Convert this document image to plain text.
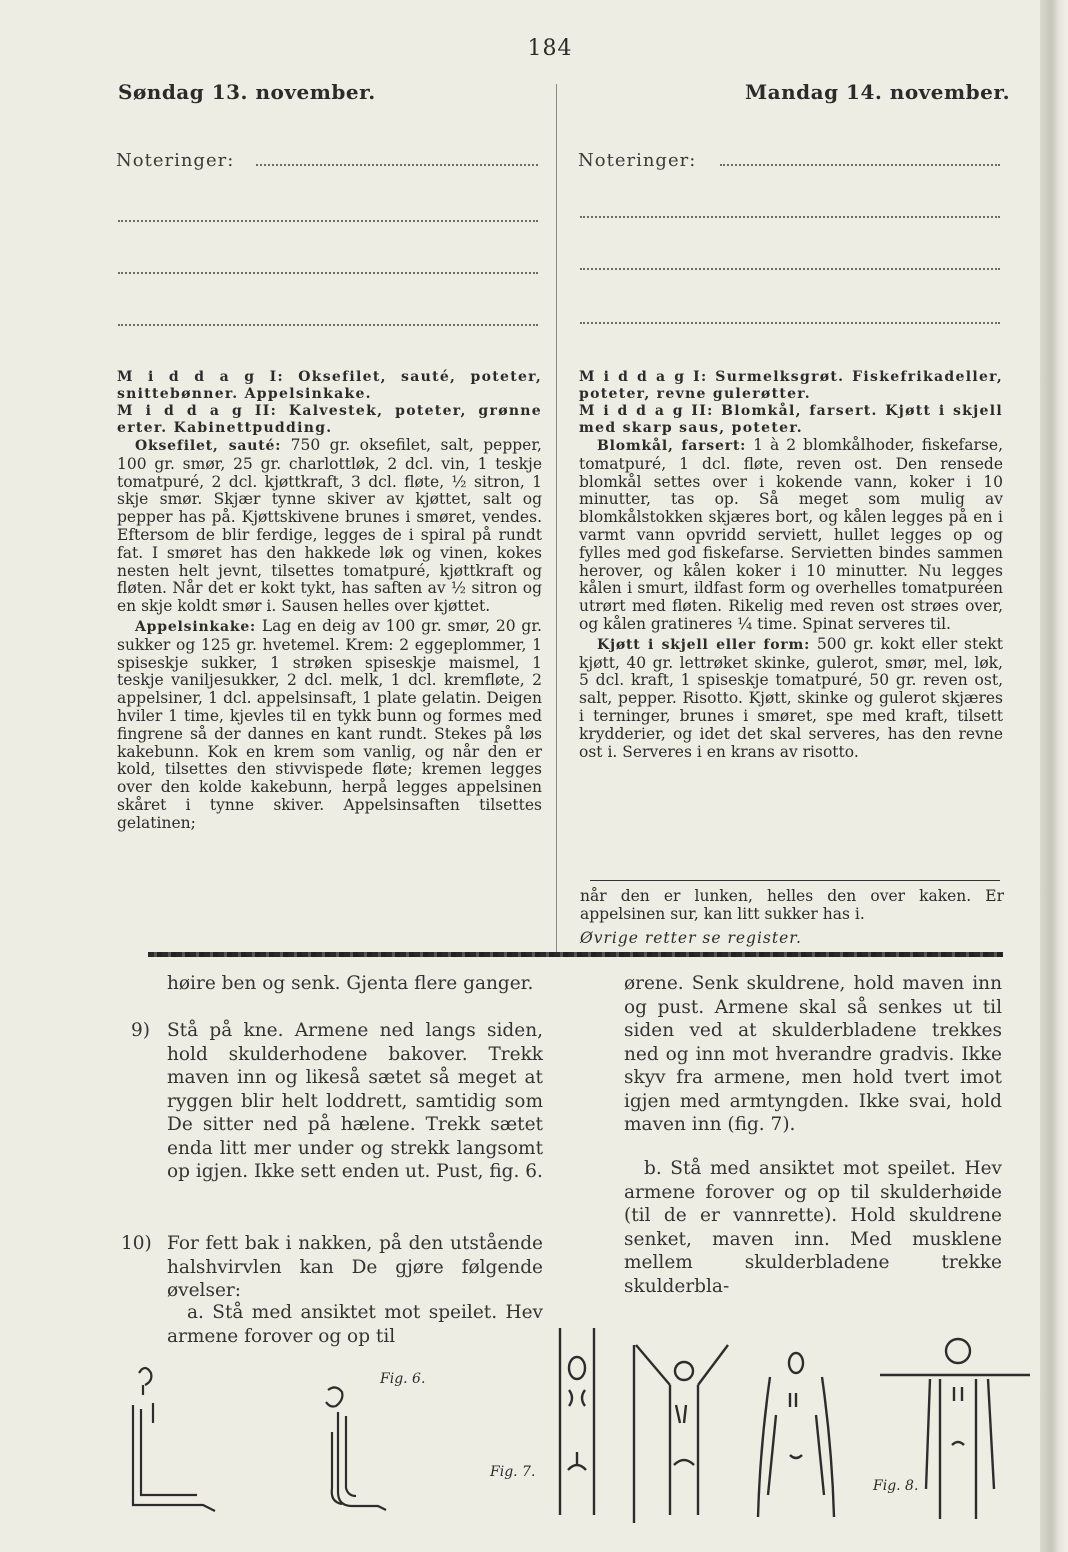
184
Søndag 13. november.	Mandag 14. november.
Noteringer:	Noteringer:

M i d d a g I: Oksefilet, sauté, poteter, snittebønner. Appelsinkake.

M i d d a g II: Kalvestek, poteter, grønne erter. Kabinettpudding.

Oksefilet, sauté: 750 gr. oksefilet, salt, pepper, 100 gr. smør, 25 gr. charlottløk, 2 dcl. vin, 1 teskje tomatpuré, 2 dcl. kjøttkraft, 3 dcl. fløte, ½ sitron, 1 skje smør. Skjær tynne skiver av kjøttet, salt og pepper has på. Kjøttskivene brunes i smøret, vendes. Eftersom de blir ferdige, legges de i spiral på rundt fat. I smøret has den hakkede løk og vinen, kokes nesten helt jevnt, tilsettes tomatpuré, kjøttkraft og fløten. Når det er kokt tykt, has saften av ½ sitron og en skje koldt smør i. Sausen helles over kjøttet.

Appelsinkake: Lag en deig av 100 gr. smør, 20 gr. sukker og 125 gr. hvetemel. Krem: 2 eggeplommer, 1 spiseskje sukker, 1 strøken spiseskje maismel, 1 teskje vaniljesukker, 2 dcl. melk, 1 dcl. kremfløte, 2 appelsiner, 1 dcl. appelsinsaft, 1 plate gelatin. Deigen hviler 1 time, kjevles til en tykk bunn og formes med fingrene så der dannes en kant rundt. Stekes på løs kakebunn. Kok en krem som vanlig, og når den er kold, tilsettes den stivvispede fløte; kremen legges over den kolde kakebunn, herpå legges appelsinen skåret i tynne skiver. Appelsinsaften tilsettes gelatinen;

M i d d a g I: Surmelksgrøt. Fiskefrikadeller, poteter, revne gulerøtter.

M i d d a g II: Blomkål, farsert. Kjøtt i skjell med skarp saus, poteter.

Blomkål, farsert: 1 à 2 blomkålhoder, fiskefarse, tomatpuré, 1 dcl. fløte, reven ost. Den rensede blomkål settes over i kokende vann, koker i 10 minutter, tas op. Så meget som mulig av blomkålstokken skjæres bort, og kålen legges på en i varmt vann opvridd serviett, hullet legges op og fylles med god fiskefarse. Servietten bindes sammen herover, og kålen koker i 10 minutter. Nu legges kålen i smurt, ildfast form og overhelles tomatpuréen utrørt med fløten. Rikelig med reven ost strøes over, og kålen gratineres ¼ time. Spinat serveres til.

Kjøtt i skjell eller form: 500 gr. kokt eller stekt kjøtt, 40 gr. lettrøket skinke, gulerot, smør, mel, løk, 5 dcl. kraft, 1 spiseskje tomatpuré, 50 gr. reven ost, salt, pepper. Risotto. Kjøtt, skinke og gulerot skjæres i terninger, brunes i smøret, spe med kraft, tilsett krydderier, og idet det skal serveres, has den revne ost i. Serveres i en krans av risotto.

når den er lunken, helles den over kaken. Er appelsinen sur, kan litt sukker has i.
Øvrige retter se register.
høire ben og senk. Gjenta flere ganger.
9) Stå på kne. Armene ned langs siden, hold skulderhodene bakover. Trekk maven inn og likeså sætet så meget at ryggen blir helt loddrett, samtidig som De sitter ned på hælene. Trekk sætet enda litt mer under og strekk langsomt op igjen. Ikke sett enden ut. Pust, fig. 6.
10) For fett bak i nakken, på den utstående halshvirvlen kan De gjøre følgende øvelser:
a. Stå med ansiktet mot speilet. Hev armene forover og op til
ørene. Senk skuldrene, hold maven inn og pust. Armene skal så senkes ut til siden ved at skulderbladene trekkes ned og inn mot hverandre gradvis. Ikke skyv fra armene, men hold tvert imot igjen med armtyngden. Ikke svai, hold maven inn (fig. 7).
b. Stå med ansiktet mot speilet. Hev armene forover og op til skulderhøide (til de er vannrette). Hold skuldrene senket, maven inn. Med musklene mellem skulderbladene trekke skulderbla-
Fig. 6.
Fig. 7.
Fig. 8.
